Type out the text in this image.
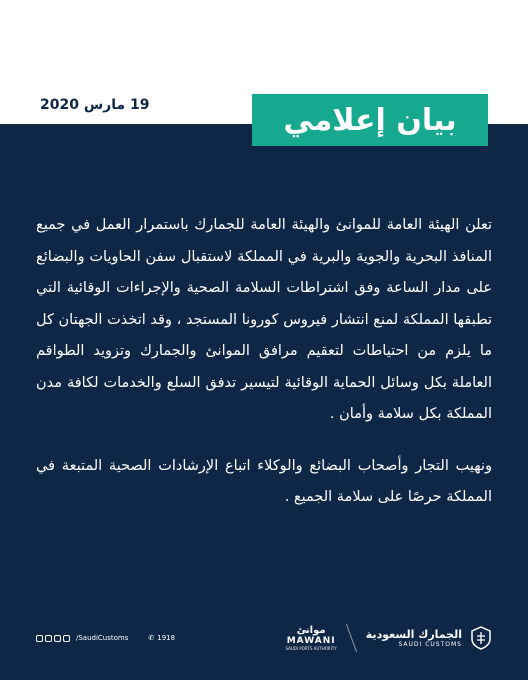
19 مارس 2020	بيان إعلامي

تعلن الهيئة العامة للموانئ والهيئة العامة للجمارك باستمرار العمل في جميع المنافذ البحرية والجوية والبرية في المملكة لاستقبال سفن الحاويات والبضائع على مدار الساعة وفق اشتراطات السلامة الصحية والإجراءات الوقائية التي تطبقها المملكة لمنع انتشار فيروس كورونا المستجد ، وقد اتخذت الجهتان كل ما يلزم من احتياطات لتعقيم مرافق الموانئ والجمارك وتزويد الطواقم العاملة بكل وسائل الحماية الوقائية لتيسير تدفق السلع والخدمات لكافة مدن المملكة بكل سلامة وأمان .

ونهيب التجار وأصحاب البضائع والوكلاء اتباع الإرشادات الصحية المتبعة في المملكة حرصًا على سلامة الجميع .

/SaudiCustoms	✆ 1918
موانئ
MAWANI
SAUDI PORTS AUTHORITY
الجمارك السعودية
SAUDI CUSTOMS
